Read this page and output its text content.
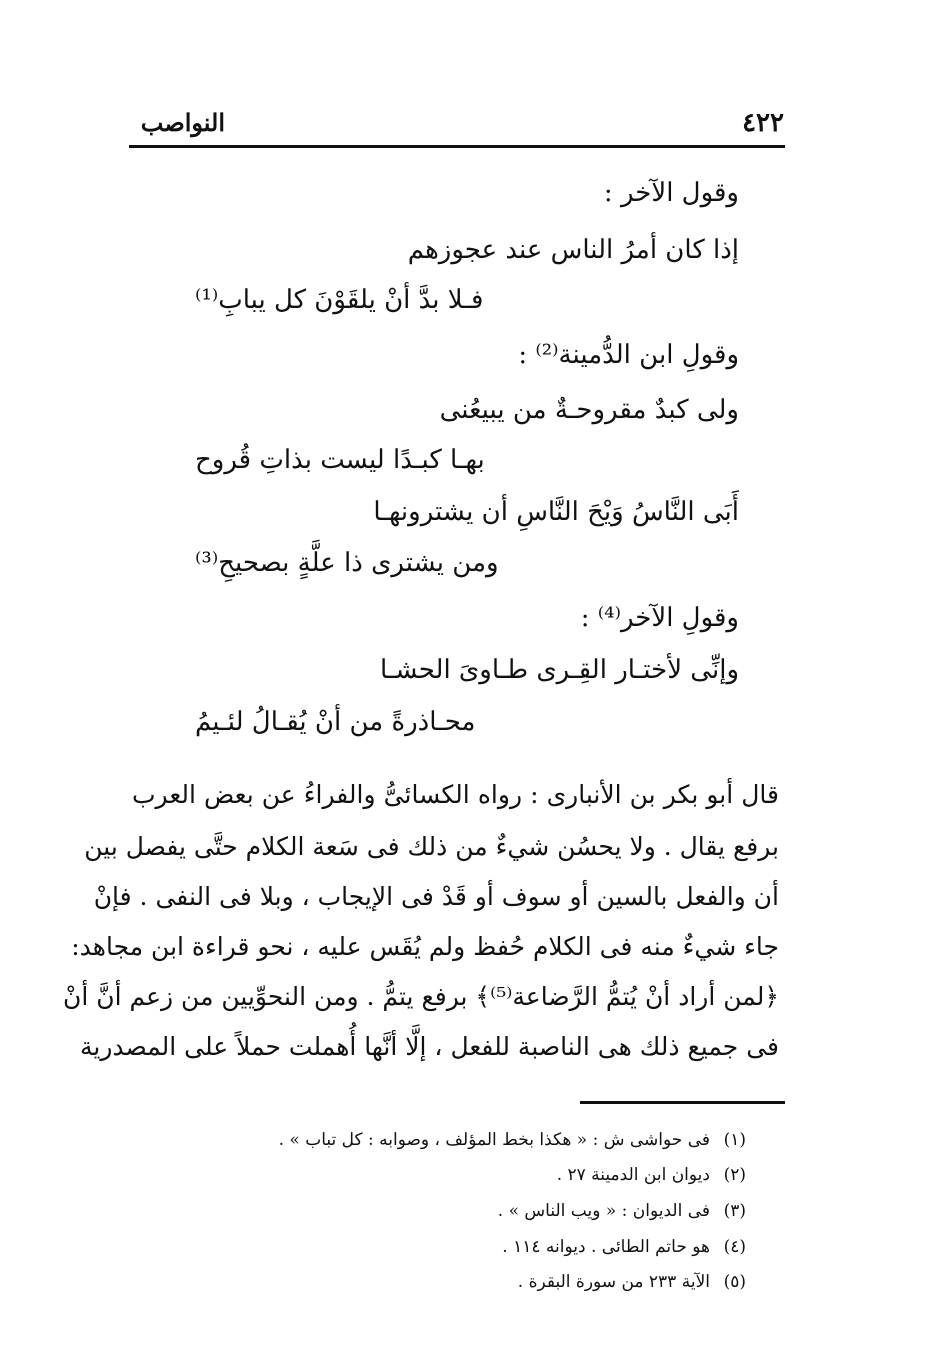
النواصب	٤٢٢
وقول الآخر :
إذا كان أمرُ الناس عند عجوزهم
فـلا بدَّ أنْ يلقَوْنَ كل يبابِ⁽¹⁾
وقولِ ابن الدُّمينة⁽²⁾ :
ولى كبدٌ مقروحـةٌ من يبيعُنى
بهـا كبـدًا ليست بذاتِ قُروح
أَبَى النَّاسُ وَيْحَ النَّاسِ أن يشترونهـا
ومن يشترى ذا علَّةٍ بصحيحِ⁽³⁾
وقولِ الآخر⁽⁴⁾ :
وإنِّى لأختـار القِـرى طـاوىَ الحشـا
محـاذرةً من أنْ يُقـالُ لئـيمُ
قال أبو بكر بن الأنبارى : رواه الكسائىُّ والفراءُ عن بعض العرب
برفع يقال . ولا يحسُن شيءٌ من ذلك فى سَعة الكلام حتَّى يفصل بين
أن والفعل بالسين أو سوف أو قَدْ فى الإيجاب ، وبلا فى النفى . فإنْ
جاء شيءٌ منه فى الكلام حُفظ ولم يُقَس عليه ، نحو قراءة ابن مجاهد:
﴿لمن أراد أنْ يُتمُّ الرَّضاعة⁽⁵⁾﴾ برفع يتمُّ . ومن النحوِّيين من زعم أنَّ أنْ
فى جميع ذلك هى الناصبة للفعل ، إلَّا أنَّها أُهملت حملاً على المصدرية
(١)فى حواشى ش : « هكذا بخط المؤلف ، وصوابه : كل تباب » .
(٢)ديوان ابن الدمينة ٢٧ .
(٣)فى الديوان : « ويب الناس » .
(٤)هو حاتم الطائى . ديوانه ١١٤ .
(٥)الآية ٢٣٣ من سورة البقرة .
